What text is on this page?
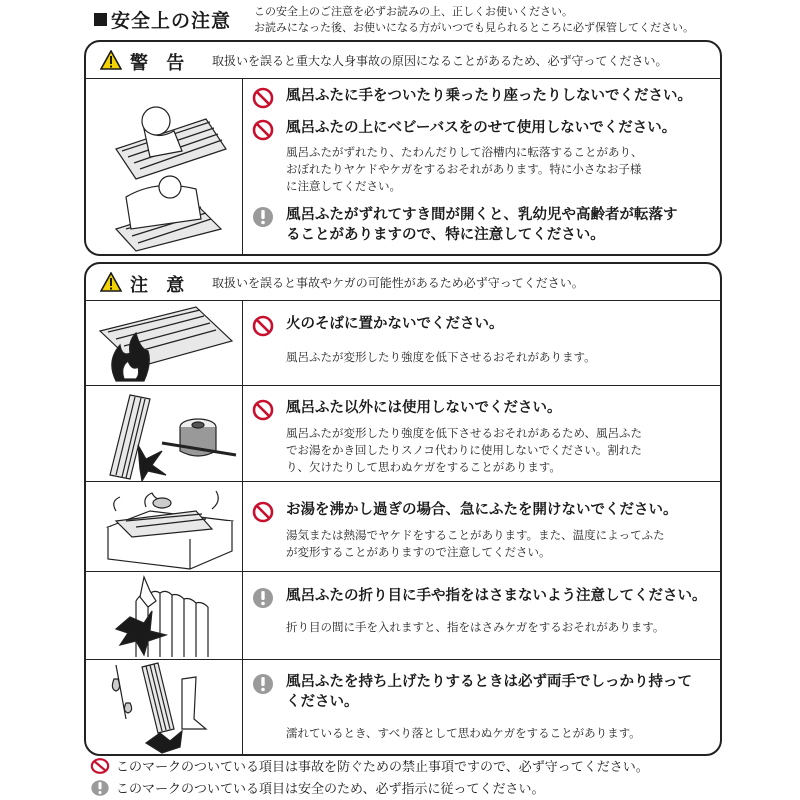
安全上の注意 この安全上のご注意を必ずお読みの上、正しくお使いください。
お読みになった後、お使いになる方がいつでも見られるところに必ず保管してください。
警 告 取扱いを誤ると重大な人身事故の原因になることがあるため、必ず守ってください。
風呂ふたに手をついたり乗ったり座ったりしないでください。
風呂ふたの上にベビーバスをのせて使用しないでください。
風呂ふたがずれたり、たわんだりして浴槽内に転落することがあり、
おぼれたりヤケドやケガをするおそれがあります。特に小さなお子様
に注意してください。
風呂ふたがずれてすき間が開くと、乳幼児や高齢者が転落す
ることがありますので、特に注意してください。
注 意 取扱いを誤ると事故やケガの可能性があるため必ず守ってください。
火のそばに置かないでください。
風呂ふたが変形したり強度を低下させるおそれがあります。
風呂ふた以外には使用しないでください。
風呂ふたが変形したり強度を低下させるおそれがあるため、風呂ふた
でお湯をかき回したりスノコ代わりに使用しないでください。割れた
り、欠けたりして思わぬケガをすることがあります。
お湯を沸かし過ぎの場合、急にふたを開けないでください。
湯気または熱湯でヤケドをすることがあります。また、温度によってふた
が変形することがありますので注意してください。
風呂ふたの折り目に手や指をはさまないよう注意してください。
折り目の間に手を入れますと、指をはさみケガをするおそれがあります。
風呂ふたを持ち上げたりするときは必ず両手でしっかり持って
ください。
濡れているとき、すべり落として思わぬケガをすることがあります。
このマークのついている項目は事故を防ぐための禁止事項ですので、必ず守ってください。
このマークのついている項目は安全のため、必ず指示に従ってください。
